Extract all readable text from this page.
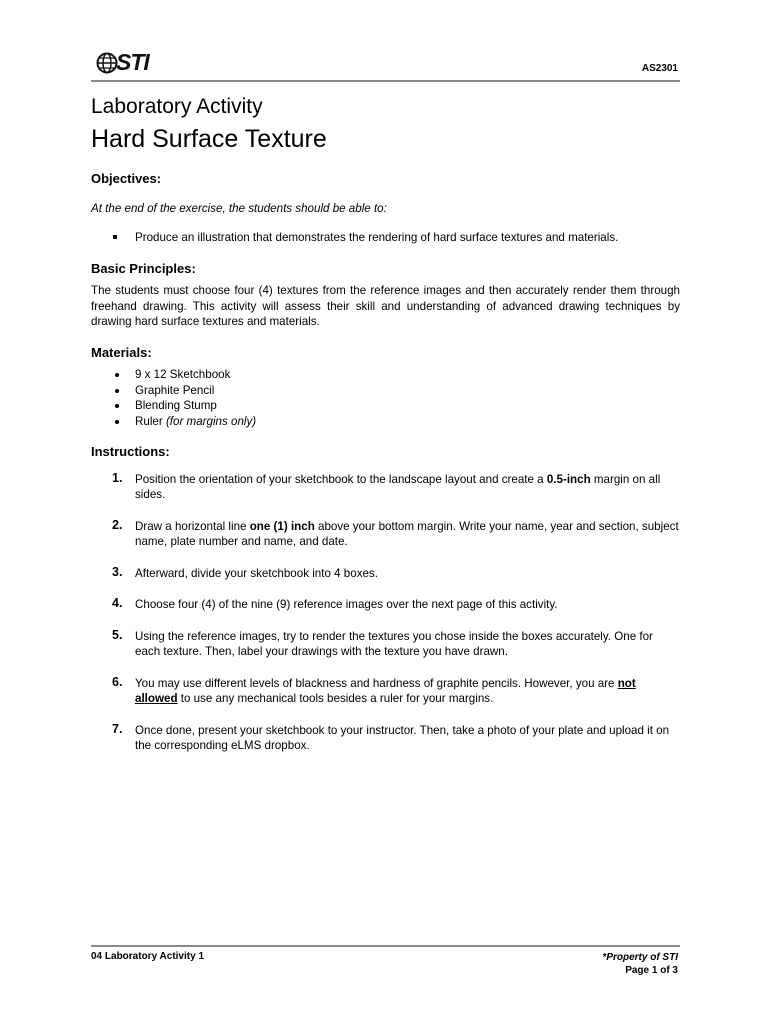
STI	AS2301
Laboratory Activity
Hard Surface Texture
Objectives:
At the end of the exercise, the students should be able to:
Produce an illustration that demonstrates the rendering of hard surface textures and materials.
Basic Principles:
The students must choose four (4) textures from the reference images and then accurately render them through freehand drawing. This activity will assess their skill and understanding of advanced drawing techniques by drawing hard surface textures and materials.
Materials:
9 x 12 Sketchbook
Graphite Pencil
Blending Stump
Ruler (for margins only)
Instructions:
1. Position the orientation of your sketchbook to the landscape layout and create a 0.5-inch margin on all sides.
2. Draw a horizontal line one (1) inch above your bottom margin. Write your name, year and section, subject name, plate number and name, and date.
3. Afterward, divide your sketchbook into 4 boxes.
4. Choose four (4) of the nine (9) reference images over the next page of this activity.
5. Using the reference images, try to render the textures you chose inside the boxes accurately. One for each texture. Then, label your drawings with the texture you have drawn.
6. You may use different levels of blackness and hardness of graphite pencils. However, you are not allowed to use any mechanical tools besides a ruler for your margins.
7. Once done, present your sketchbook to your instructor. Then, take a photo of your plate and upload it on the corresponding eLMS dropbox.
04 Laboratory Activity 1	*Property of STI
Page 1 of 3
